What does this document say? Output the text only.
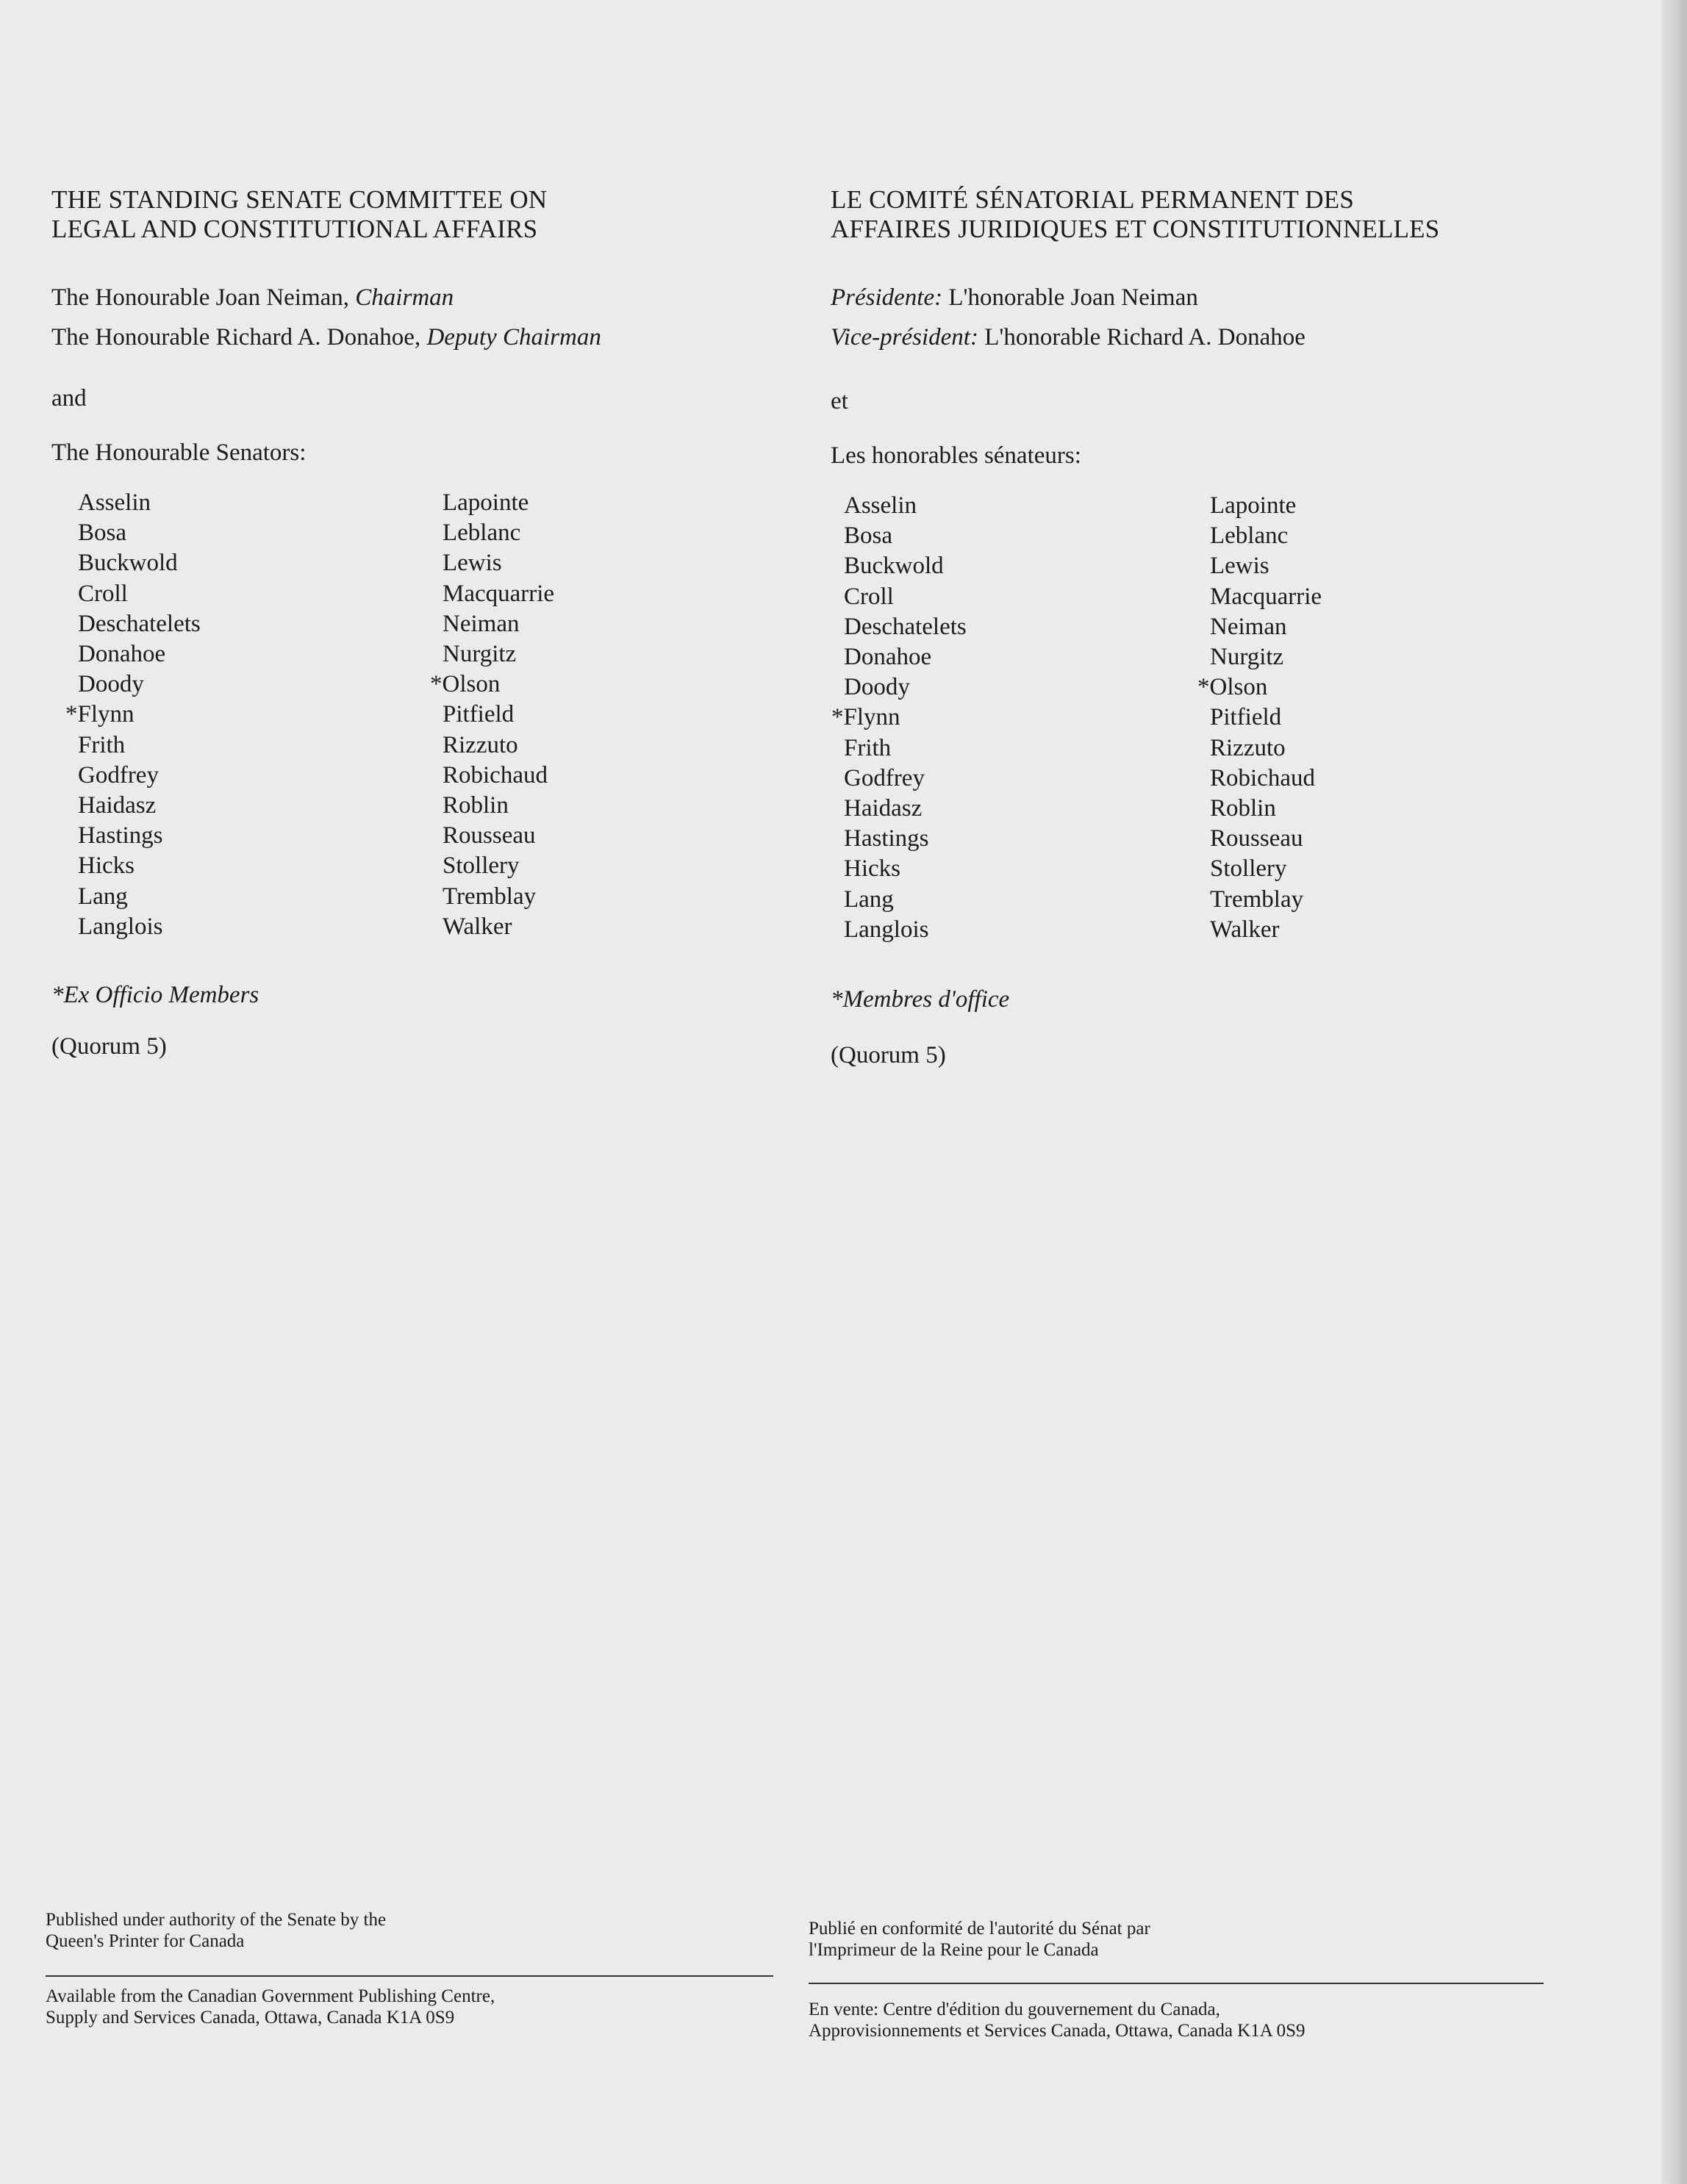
THE STANDING SENATE COMMITTEE ON
LEGAL AND CONSTITUTIONAL AFFAIRS
The Honourable Joan Neiman, Chairman
The Honourable Richard A. Donahoe, Deputy Chairman
and
The Honourable Senators:
Asselin
Bosa
Buckwold
Croll
Deschatelets
Donahoe
Doody
*Flynn
Frith
Godfrey
Haidasz
Hastings
Hicks
Lang
Langlois
Lapointe
Leblanc
Lewis
Macquarrie
Neiman
Nurgitz
*Olson
Pitfield
Rizzuto
Robichaud
Roblin
Rousseau
Stollery
Tremblay
Walker
*Ex Officio Members
(Quorum 5)
LE COMITÉ SÉNATORIAL PERMANENT DES
AFFAIRES JURIDIQUES ET CONSTITUTIONNELLES
Présidente: L'honorable Joan Neiman
Vice-président: L'honorable Richard A. Donahoe
et
Les honorables sénateurs:
Asselin
Bosa
Buckwold
Croll
Deschatelets
Donahoe
Doody
*Flynn
Frith
Godfrey
Haidasz
Hastings
Hicks
Lang
Langlois
Lapointe
Leblanc
Lewis
Macquarrie
Neiman
Nurgitz
*Olson
Pitfield
Rizzuto
Robichaud
Roblin
Rousseau
Stollery
Tremblay
Walker
*Membres d'office
(Quorum 5)
Published under authority of the Senate by the
Queen's Printer for Canada
Available from the Canadian Government Publishing Centre,
Supply and Services Canada, Ottawa, Canada K1A 0S9
Publié en conformité de l'autorité du Sénat par
l'Imprimeur de la Reine pour le Canada
En vente: Centre d'édition du gouvernement du Canada,
Approvisionnements et Services Canada, Ottawa, Canada K1A 0S9
